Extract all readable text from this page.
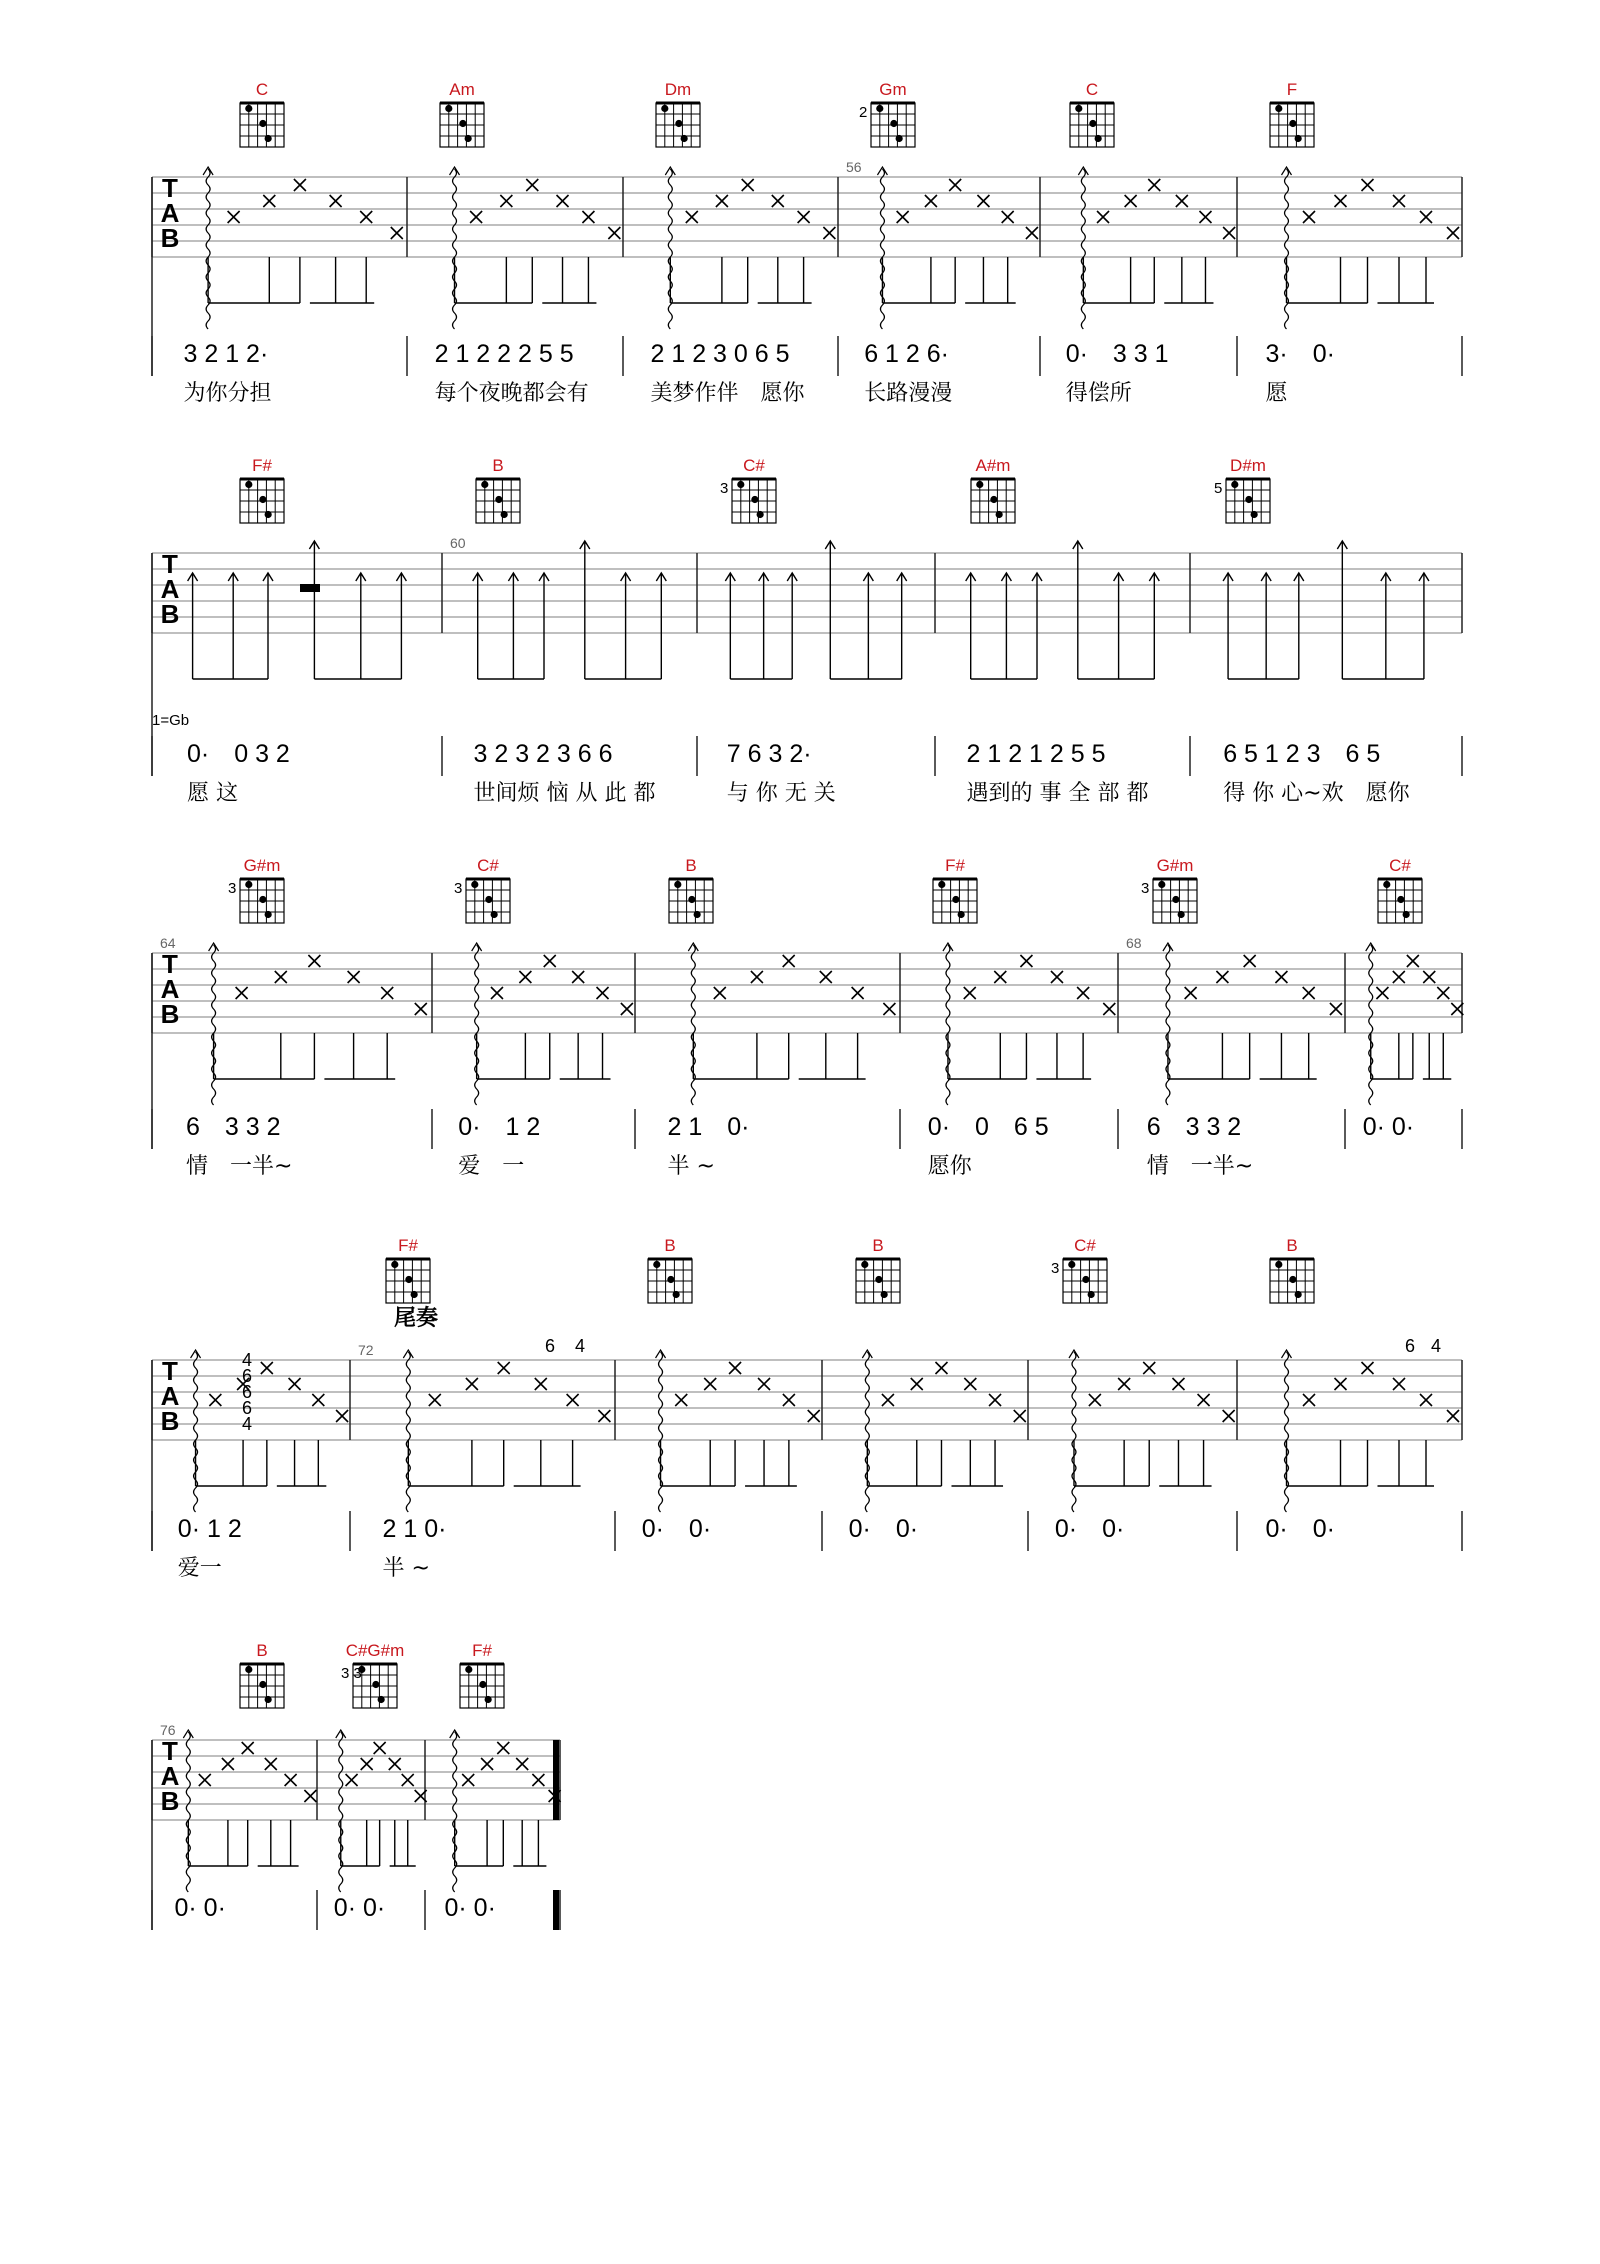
T
A
B
56
C	Am	Dm	Gm
2
C	F
3 2 1 2·	2 1 2 2 2 5 5	2 1 2 3 0 6 5	6 1 2 6·	0·　3 3 1	3·　0·
为你分担	每个夜晚都会有	美梦作伴　愿你	长路漫漫	得偿所	愿
T
A
B
60
F#	B	C#
3
A#m	D#m
5
0·　0 3 2	3 2 3 2 3 6 6	7 6 3 2·	2 1 2 1 2 5 5	6 5 1 2 3　6 5
愿 这	世间烦 恼 从 此 都	与 你 无 关	遇到的 事 全 部 都	得 你 心~欢　愿你
T
A
B
64	68
G#m
3
C#
3
B	F#	G#m
3
C#
6　3 3 2	0·　1 2	2 1　0·	0·　0　6 5	6　3 3 2	0· 0·
情　一半~	爱　一	半 ~	愿你	情　一半~
T
A
B
72
F#	B	B	C#
3
B
0· 1 2	2 1 0·	0·　0·	0·　0·	0·　0·	0·　0·
爱一	半 ~
T
A
B
76
B	C#G#m
3 3
F#
0· 0·	0· 0· 0· 0·
4
6
6
6
4
6 4	6 4
1=Gb
尾奏
